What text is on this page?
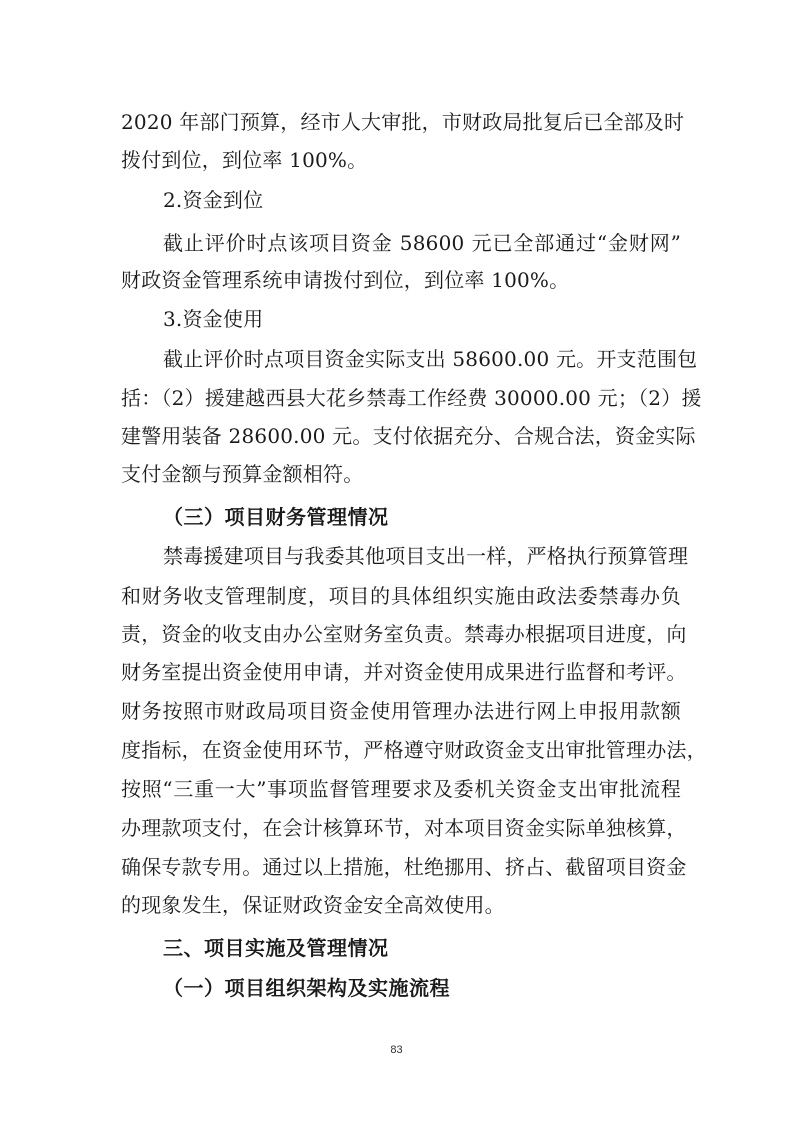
2020 年部门预算，经市人大审批，市财政局批复后已全部及时
拨付到位，到位率 100%。
2.资金到位
截止评价时点该项目资金 58600 元已全部通过“金财网”
财政资金管理系统申请拨付到位，到位率 100%。
3.资金使用
截止评价时点项目资金实际支出 58600.00 元。开支范围包
括：（2）援建越西县大花乡禁毒工作经费 30000.00 元；（2）援
建警用装备 28600.00 元。支付依据充分、合规合法，资金实际
支付金额与预算金额相符。
（三）项目财务管理情况
禁毒援建项目与我委其他项目支出一样，严格执行预算管理
和财务收支管理制度，项目的具体组织实施由政法委禁毒办负
责，资金的收支由办公室财务室负责。禁毒办根据项目进度，向
财务室提出资金使用申请，并对资金使用成果进行监督和考评。
财务按照市财政局项目资金使用管理办法进行网上申报用款额
度指标，在资金使用环节，严格遵守财政资金支出审批管理办法，
按照“三重一大”事项监督管理要求及委机关资金支出审批流程
办理款项支付，在会计核算环节，对本项目资金实际单独核算，
确保专款专用。通过以上措施，杜绝挪用、挤占、截留项目资金
的现象发生，保证财政资金安全高效使用。
三、项目实施及管理情况
（一）项目组织架构及实施流程
83
